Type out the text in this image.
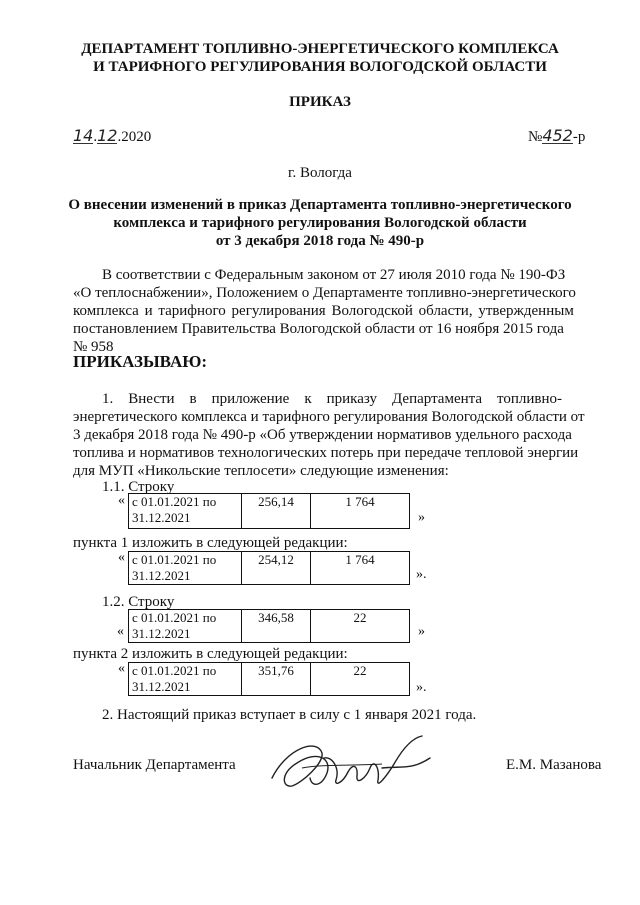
ДЕПАРТАМЕНТ ТОПЛИВНО-ЭНЕРГЕТИЧЕСКОГО КОМПЛЕКСА
И ТАРИФНОГО РЕГУЛИРОВАНИЯ ВОЛОГОДСКОЙ ОБЛАСТИ
ПРИКАЗ
14.12.2020	№452-р
г. Вологда
О внесении изменений в приказ Департамента топливно-энергетического
комплекса и тарифного регулирования Вологодской области
от 3 декабря 2018 года № 490-р
В соответствии с Федеральным законом от 27 июля 2010 года № 190-ФЗ
«О теплоснабжении», Положением о Департаменте топливно-энергетического
комплекса и тарифного регулирования Вологодской области, утвержденным
постановлением Правительства Вологодской области от 16 ноября 2015 года
№ 958
ПРИКАЗЫВАЮ:
1.    Внести    в    приложение    к    приказу    Департамента    топливно-
энергетического комплекса и тарифного регулирования Вологодской области от
3 декабря 2018 года № 490-р «Об утверждении нормативов удельного расхода
топлива и нормативов технологических потерь при передаче тепловой энергии
для МУП «Никольские теплосети» следующие изменения:
1.1. Строку
« с 01.01.2021 по
31.12.2021	256,14	1 764
»
пункта 1 изложить в следующей редакции:
« с 01.01.2021 по
31.12.2021	254,12	1 764
».
1.2. Строку
с 01.01.2021 по
31.12.2021	346,58	22
«	»
пункта 2 изложить в следующей редакции:
« с 01.01.2021 по
31.12.2021	351,76	22
».
2. Настоящий приказ вступает в силу с 1 января 2021 года.
Начальник Департамента	Е.М. Мазанова
